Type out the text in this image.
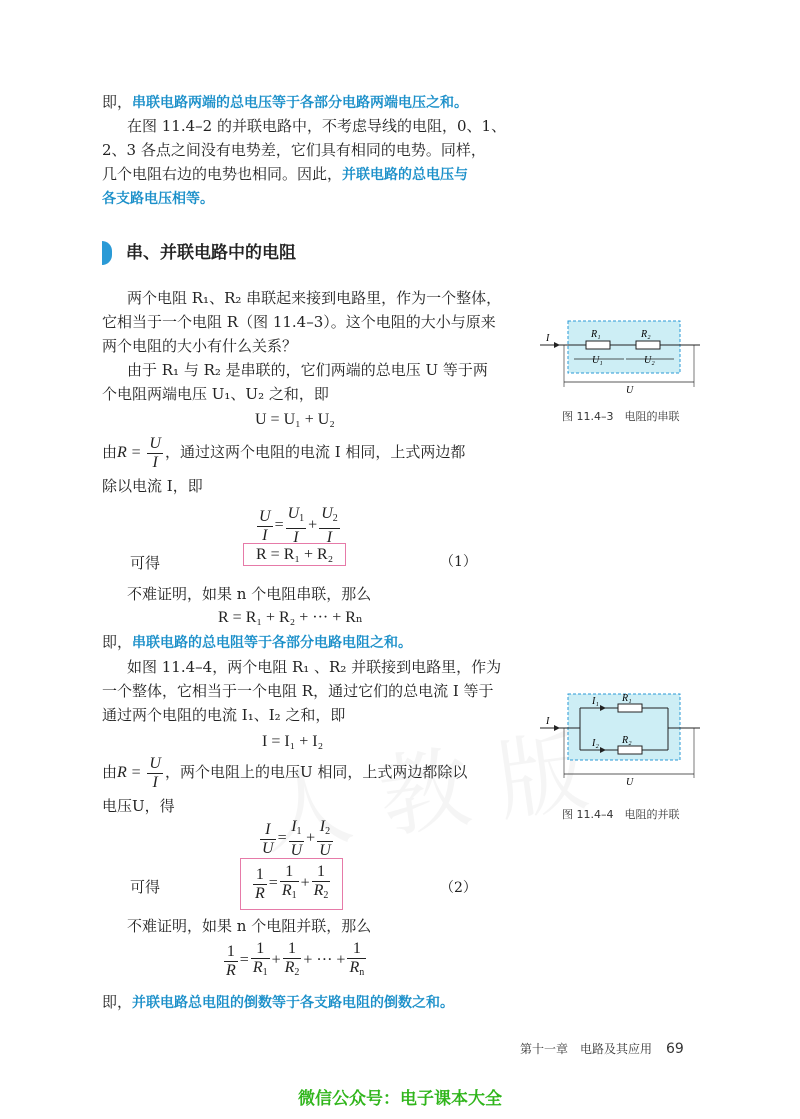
即，串联电路两端的总电压等于各部分电路两端电压之和。
在图 11.4–2 的并联电路中，不考虑导线的电阻，0、1、
2、3 各点之间没有电势差，它们具有相同的电势。同样，
几个电阻右边的电势也相同。因此，并联电路的总电压与
各支路电压相等。
串、并联电路中的电阻
两个电阻 R₁、R₂ 串联起来接到电路里，作为一个整体，
它相当于一个电阻 R（图 11.4–3）。这个电阻的大小与原来
两个电阻的大小有什么关系？
由于 R₁ 与 R₂ 是串联的，它们两端的总电压 U 等于两
个电阻两端电压 U₁、U₂ 之和，即
U = U₁ + U₂
由$R = \frac{U}{I}$ ，通过这两个电阻的电流 I 相同，上式两边都
除以电流 I，即
$\frac{U}{I} = \frac{U_1}{I} + \frac{U_2}{I}$
可得	R = R₁ + R₂	（1）
不难证明，如果 n 个电阻串联，那么
R = R₁ + R₂ + ··· + Rₙ
即，串联电路的总电阻等于各部分电路电阻之和。
如图 11.4–4，两个电阻 R₁ 、R₂ 并联接到电路里，作为
一个整体，它相当于一个电阻 R，通过它们的总电流 I 等于
通过两个电阻的电流 I₁、I₂ 之和，即
I = I₁ + I₂
由$R = \frac{U}{I}$ ，两个电阻上的电压U 相同，上式两边都除以
电压U，得
$\frac{I}{U} = \frac{I_1}{U} + \frac{I_2}{U}$
可得	$\frac{1}{R} = \frac{1}{R_1} + \frac{1}{R_2}$	（2）
不难证明，如果 n 个电阻并联，那么
$\frac{1}{R} = \frac{1}{R_1} + \frac{1}{R_2}$ + ··· + $\frac{1}{R_n}$
即，并联电路总电阻的倒数等于各支路电阻的倒数之和。
I	R₁	R₂
U₁	U₂
U
图 11.4–3　电阻的串联
I
I₁
I₂
R₁
R₂
U
图 11.4–4　电阻的并联
第十一章　电路及其应用 69
微信公众号：电子课本大全
